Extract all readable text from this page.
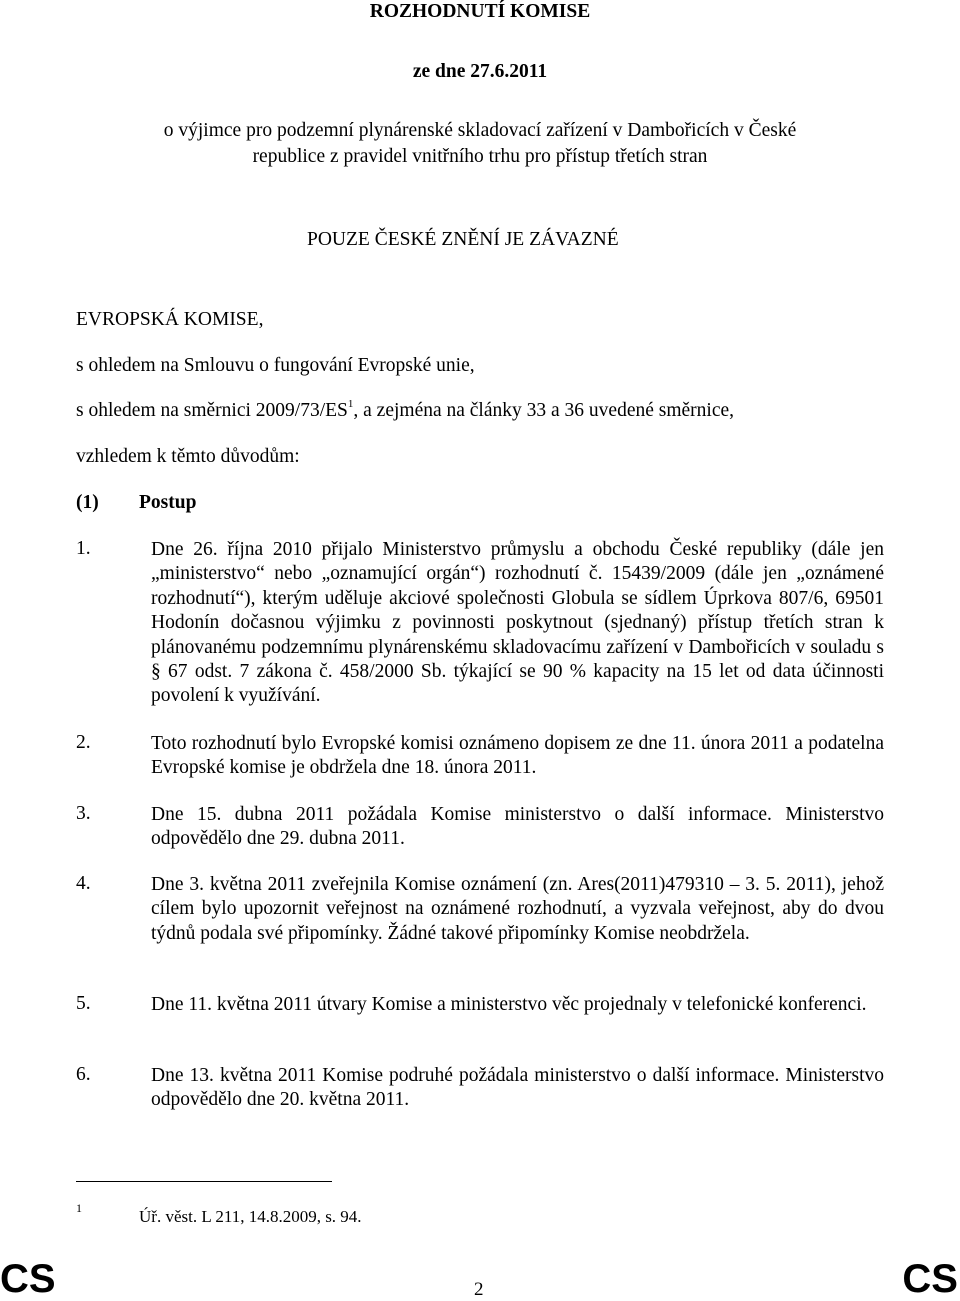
ROZHODNUTÍ KOMISE
ze dne 27.6.2011
o výjimce pro podzemní plynárenské skladovací zařízení v Dambořicích v České
republice z pravidel vnitřního trhu pro přístup třetích stran
POUZE ČESKÉ ZNĚNÍ JE ZÁVAZNÉ
EVROPSKÁ KOMISE,
s ohledem na Smlouvu o fungování Evropské unie,
s ohledem na směrnici $2009/73/ES^1$, a zejména na články 33 a 36 uvedené směrnice,
vzhledem k těmto důvodům:
(1) Postup
1.	Dne 26. října 2010 přijalo Ministerstvo průmyslu a obchodu České republiky (dále jen „ministerstvo“ nebo „oznamující orgán“) rozhodnutí č. 15439/2009 (dále jen „oznámené rozhodnutí“), kterým uděluje akciové společnosti Globula se sídlem Úprkova 807/6, 69501 Hodonín dočasnou výjimku z povinnosti poskytnout (sjednaný) přístup třetích stran k plánovanému podzemnímu plynárenskému skladovacímu zařízení v Dambořicích v souladu s § 67 odst. 7 zákona č. 458/2000 Sb. týkající se 90 % kapacity na 15 let od data účinnosti povolení k využívání.
2.	Toto rozhodnutí bylo Evropské komisi oznámeno dopisem ze dne 11. února 2011 a podatelna Evropské komise je obdržela dne 18. února 2011.
3.	Dne 15. dubna 2011 požádala Komise ministerstvo o další informace. Ministerstvo odpovědělo dne 29. dubna 2011.
4.	Dne 3. května 2011 zveřejnila Komise oznámení (zn. Ares(2011)479310 – 3. 5. 2011), jehož cílem bylo upozornit veřejnost na oznámené rozhodnutí, a vyzvala veřejnost, aby do dvou týdnů podala své připomínky. Žádné takové připomínky Komise neobdržela.
5.	Dne 11. května 2011 útvary Komise a ministerstvo věc projednaly v telefonické konferenci.
6.	Dne 13. května 2011 Komise podruhé požádala ministerstvo o další informace. Ministerstvo odpovědělo dne 20. května 2011.
1	Úř. věst. L 211, 14.8.2009, s. 94.
CS	2	CS
